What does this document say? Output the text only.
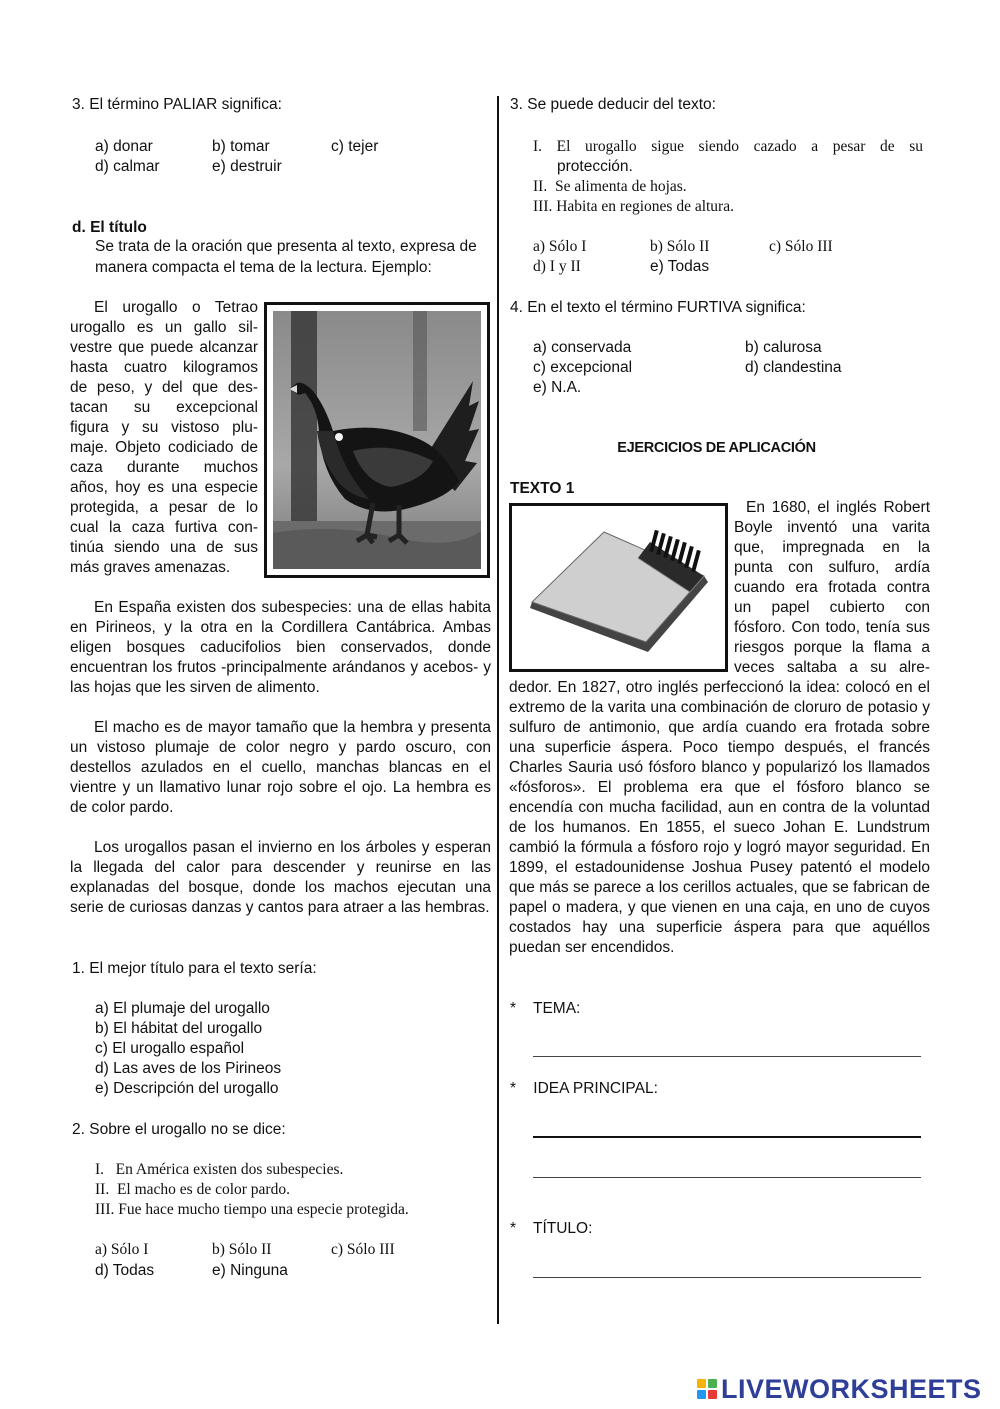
3. El término PALIAR significa:
a) donar	b) tomar	c) tejer
d) calmar	e) destruir
d. El título
Se trata de la oración que presenta al texto, expresa de
manera compacta el tema de la lectura. Ejemplo:
El urogallo o Tetrao
urogallo es un gallo sil-
vestre que puede alcanzar
hasta cuatro kilogramos
de peso, y del que des-
tacan su excepcional
figura y su vistoso plu-
maje. Objeto codiciado de
caza durante muchos
años, hoy es una especie
protegida, a pesar de lo
cual la caza furtiva con-
tinúa siendo una de sus
más graves amenazas.
En España existen dos subespecies: una de ellas habita en Pirineos, y la otra en la Cordillera Cantábrica. Ambas eligen bosques caducifolios bien conservados, donde encuentran los frutos -principalmente arándanos y acebos- y las hojas que les sirven de alimento.
El macho es de mayor tamaño que la hembra y presenta un vistoso plumaje de color negro y pardo oscuro, con destellos azulados en el cuello, manchas blancas en el vientre y un llamativo lunar rojo sobre el ojo. La hembra es de color pardo.
Los urogallos pasan el invierno en los árboles y esperan la llegada del calor para descender y reunirse en las explanadas del bosque, donde los machos ejecutan una serie de curiosas danzas y cantos para atraer a las hembras.
1. El mejor título para el texto sería:
a) El plumaje del urogallo
b) El hábitat del urogallo
c) El urogallo español
d) Las aves de los Pirineos
e) Descripción del urogallo
2. Sobre el urogallo no se dice:
I.   En América existen dos subespecies.
II.  El macho es de color pardo.
III. Fue hace mucho tiempo una especie protegida.
a) Sólo I	b) Sólo II	c) Sólo III
d) Todas	e) Ninguna
3. Se puede deducir del texto:
I. El urogallo sigue siendo cazado a pesar de su
protección.
II.  Se alimenta de hojas.
III. Habita en regiones de altura.
a) Sólo I	b) Sólo II	c) Sólo III
d) I y II	e) Todas
4. En el texto el término FURTIVA significa:
a) conservada	b) calurosa
c) excepcional	d) clandestina
e) N.A.
EJERCICIOS DE APLICACIÓN
TEXTO 1
En 1680, el inglés Robert
Boyle inventó una varita
que, impregnada en la
punta con sulfuro, ardía
cuando era frotada contra
un papel cubierto con
fósforo. Con todo, tenía sus
riesgos porque la flama a
veces saltaba a su alre-
dedor. En 1827, otro inglés perfeccionó la idea: colocó en el extremo de la varita una combinación de cloruro de potasio y sulfuro de antimonio, que ardía cuando era frotada sobre una superficie áspera. Poco tiempo después, el francés Charles Sauria usó fósforo blanco y popularizó los llamados «fósforos». El problema era que el fósforo blanco se encendía con mucha facilidad, aun en contra de la voluntad de los humanos. En 1855, el sueco Johan E. Lundstrum cambió la fórmula a fósforo rojo y logró mayor seguridad. En 1899, el estadounidense Joshua Pusey patentó el modelo que más se parece a los cerillos actuales, que se fabrican de papel o madera, y que vienen en una caja, en uno de cuyos costados hay una superficie áspera para que aquéllos puedan ser encendidos.
*    TEMA:
*    IDEA PRINCIPAL:
*    TÍTULO:
LIVEWORKSHEETS
